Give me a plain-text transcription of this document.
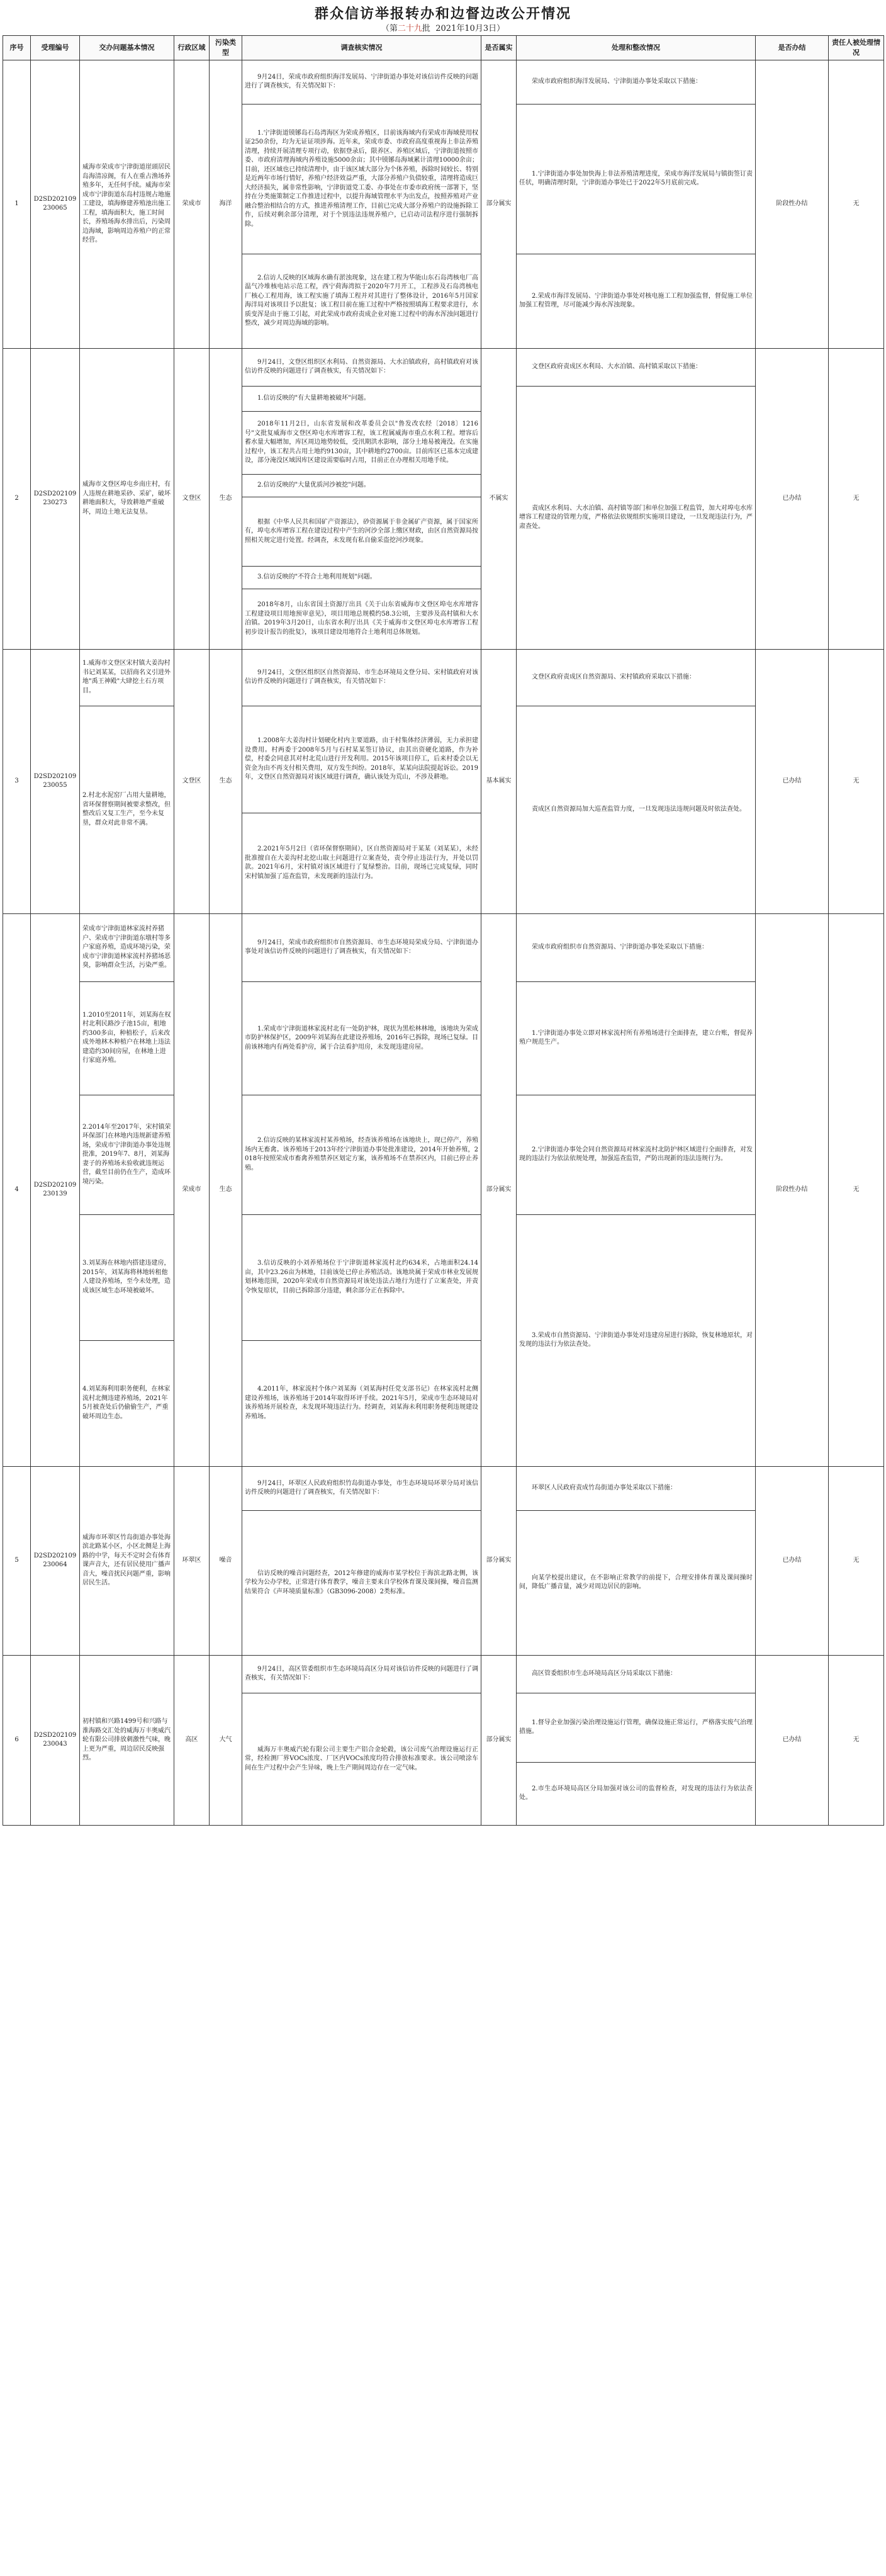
群众信访举报转办和边督边改公开情况
（第二十九批 2021年10月3日）
序号	受理编号	交办问题基本情况	行政区域	污染类型	调查核实情况	是否属实	处理和整改情况	是否办结	责任人被处理情况
1	D2SD202109230065	威海市荣成市宁津街道崖頭居民岛海清凉阁，有人在重占渔场养殖多年，无任何手续。威海市荣成市宁津街道东岛村违规占地施工建设，填海修建养殖池出施工工程，填海面积大，施工时间长，养殖场海水排出后，污染周边海域，影响周边养殖户的正常经营。	荣成市	海洋	9月24日，荣成市政府组织海洋发展局、宁津街道办事处对该信访件反映的问题进行了调查核实，有关情况如下：	部分属实	荣成市政府组织海洋发展局、宁津街道办事处采取以下措施：	阶段性办结	无

					1.宁津街道镆铘岛石岛湾海区为荣成养殖区，目前该海域内有荣成市海域使用权证250余份，均为无证证项涉海。近年来，荣成市委、市政府高度重视海上非法养殖清理，持续开展清理专项行动，依据登录后，限养区、养殖区域后，宁津街道按照市委、市政府清理海域内养殖设施5000余亩；其中镆铘岛海域累计清理10000余亩；目前，还区域也已持续清理中，由于该区域大部分为个体养殖，拆除时间较长、特别是近两年市场行情好，养殖户经济效益严重，大部分养殖户负债较重，清理将造成巨大经济损失，属非常性影响，宁津街道党工委、办事处在市委市政府统一部署下，坚持在分类施策制定工作推进过程中，以提升海域管理水平为出发点，按照养殖对产业融合整治相结合的方式，推进养殖清理工作，目前已完成大部分养殖户的设施拆除工作，后续对剩余部分清理，对于个别违法违规养殖户，已启动司法程序进行强制拆除。		1.宁津街道办事处加快海上非法养殖清理进度，荣成市海洋发展局与镇街签订责任状，明确清理时限，宁津街道办事处已于2022年5月底前完成。		

					2.信访人反映的区域海水确有淤浊现象，这在建工程为华能山东石岛湾核电厂高温气冷堆核电站示范工程，西宁荷海湾拟于2020年7月开工，工程涉及石岛湾核电厂核心工程用海，该工程实施了填海工程并对其进行了整体设计，2016年5月国家海洋局对该项目予以批复；该工程目前在施工过程中严格按照填海工程要求进行，水质变浑是由于施工引起，对此荣成市政府责成企业对施工过程中的海水浑浊问题进行整改，减少对周边海域的影响。		2.荣成市海洋发展局、宁津街道办事处对核电施工工程加强监督，督促施工单位加强工程管理，尽可能减少海水浑浊现象。		

2	D2SD202109230273	威海市文登区埠屯乡南庄村，有人违规在耕地采砂、采矿，破坏耕地面积大，导致耕地严重破坏，周边土地无法复垦。	文登区	生态	9月24日，文登区组织区水利局、自然资源局、大水泊镇政府，高村镇政府对该信访件反映的问题进行了调查核实，有关情况如下：	不属实	文登区政府责成区水利局、大水泊镇、高村镇采取以下措施：	已办结	无

					1.信访反映的"有大量耕地被破坏"问题。		责成区水利局、大水泊镇、高村镇等部门和单位加强工程监管，加大对埠屯水库增容工程建设的管理力度，严格依法依规组织实施项目建设，一旦发现违法行为，严肃查处。		

					2018年11月2日，山东省发展和改革委员会以"鲁发改农经〔2018〕1216号"文批复威海市文登区埠屯水库增容工程，该工程属威海市重点水利工程。增容后蓄水量大幅增加，库区周边地势较低，受汛期洪水影响，部分土地易被淹没。在实施过程中，该工程共占用土地约9130亩，其中耕地约2700亩。目前库区已基本完成建设，部分淹没区域因库区建设需要临时占用，目前正在办理相关用地手续。				

					2.信访反映的"大量优质河沙被挖"问题。				

					根据《中华人民共和国矿产资源法》，砂资源属于非金属矿产资源，属于国家所有，埠屯水库增容工程在建设过程中产生的河沙全部上缴区财政，由区自然资源局按照相关规定进行处置。经调查，未发现有私自偷采盗挖河沙现象。				

					3.信访反映的"不符合土地利用规划"问题。				

					2018年8月，山东省国土资源厅出具《关于山东省威海市文登区埠屯水库增容工程建设项目用地预审意见》，项目用地总规模约58.3公顷，主要涉及高村镇和大水泊镇。2019年3月20日，山东省水利厅出具《关于威海市文登区埠屯水库增容工程初步设计报告的批复》，该项目建设用地符合土地利用总体规划。				

3	D2SD202109230055	1.威海市文登区宋村镇大姜沟村书记刘某某，以招商名义引进外地"禹王神殿"大肆挖土石方项目。	文登区	生态	9月24日，文登区组织区自然资源局、市生态环境局文登分局、宋村镇政府对该信访件反映的问题进行了调查核实，有关情况如下：	基本属实	文登区政府责成区自然资源局、宋村镇政府采取以下措施：	已办结	无
		2.村北水泥窑厂占用大量耕地，省环保督察期间被要求整改，但整改后又复工生产，至今未复垦，群众对此非常不满。			1.2008年大姜沟村计划硬化村内主要道路，由于村集体经济薄弱，无力承担建设费用。村两委于2008年5月与石村某某签订协议，由其出资硬化道路，作为补偿，村委会同意其对村北荒山进行开发利用。2015年该项目停工，后来村委会以无资金为由不再支付相关费用，双方发生纠纷。2018年，某某向法院提起诉讼。2019年，文登区自然资源局对该区域进行调查，确认该处为荒山，不涉及耕地。		责成区自然资源局加大巡查监管力度，一旦发现违法违规问题及时依法查处。		

					2.2021年5月2日（省环保督察期间），区自然资源局对于某某（刘某某），未经批准擅自在大姜沟村北挖山取土问题进行立案查处，责令停止违法行为，并处以罚款。2021年6月，宋村镇对该区域进行了复绿整治。目前，现场已完成复绿，同时宋村镇加强了巡查监管，未发现新的违法行为。				

4	D2SD202109230139	荣成市宁津街道林家流村养猪户、荣成市宁津街道东墩村等多户家庭养殖，造成环境污染，荣成市宁津街道林家流村养猪场恶臭，影响群众生活，污染严重。	荣成市	生态	9月24日，荣成市政府组织市自然资源局、市生态环境局荣成分局、宁津街道办事处对该信访件反映的问题进行了调查核实，有关情况如下：	部分属实	荣成市政府组织市自然资源局、宁津街道办事处采取以下措施：	阶段性办结	无
		1.2010至2011年，刘某海在权村北利民路沙子池15亩，租地约300多亩，种植松子，后来改成外地林木种植户在林地上违法建造约30间房屋，在林地上进行家庭养殖。			1.荣成市宁津街道林家流村北有一处防护林，现状为黑松林林地，该地块为荣成市防护林保护区，2009年刘某海在此建设养殖场，2016年已拆除，现场已复绿。目前该林地内有两处看护房，属于合法看护用房，未发现违建房屋。		1.宁津街道办事处立即对林家流村所有养殖场进行全面排查，建立台账，督促养殖户规范生产。		

		2.2014年至2017年，宋村镇荣环保部门在林地内违规新建养殖场，荣成市宁津街道办事处违规批准，2019年7、8月，刘某海妻子的养殖场未验收就违规运营，截至目前仍在生产，造成环境污染。			2.信访反映的某林家流村某养殖场，经查该养殖场在该地块上，现已停产，养殖场内无畜禽。该养殖场于2013年经宁津街道办事处批准建设，2014年开始养殖，2018年按照荣成市畜禽养殖禁养区划定方案，该养殖场不在禁养区内，目前已停止养殖。		2.宁津街道办事处会同自然资源局对林家流村北防护林区域进行全面排查，对发现的违法行为依法依规处理，加强巡查监管，严防出现新的违法违规行为。		

		3.刘某海在林地内搭建违建房，2015年，刘某海将林地转租他人建设养殖场，至今未处理，造成该区域生态环境被破坏。			3.信访反映的小刘养殖场位于宁津街道林家流村北约634米，占地面积24.14亩，其中23.26亩为林地，目前该处已停止养殖活动。该地块属于荣成市林业发展规划林地范围，2020年荣成市自然资源局对该处违法占地行为进行了立案查处，并责令恢复原状，目前已拆除部分违建，剩余部分正在拆除中。		3.荣成市自然资源局、宁津街道办事处对违建房屋进行拆除，恢复林地原状，对发现的违法行为依法查处。		

		4.刘某海利用职务便利，在林家流村北侧违建养殖场，2021年5月被查处后仍偷偷生产，严重破坏周边生态。			4.2011年，林家流村个体户刘某海（刘某海村任党支部书记）在林家流村北侧建设养殖场，该养殖场于2014年取得环评手续。2021年5月，荣成市生态环境局对该养殖场开展检查，未发现环境违法行为。经调查，刘某海未利用职务便利违规建设养殖场。				

5	D2SD202109230064	威海市环翠区竹岛街道办事处海滨北路某小区，小区北侧是上海路的中学，每天不定时会有体育课声音大，还有居民使用广播声音大，噪音扰民问题严重，影响居民生活。	环翠区	噪音	9月24日，环翠区人民政府组织竹岛街道办事处，市生态环境局环翠分局对该信访件反映的问题进行了调查核实，有关情况如下：	部分属实	环翠区人民政府责成竹岛街道办事处采取以下措施：	已办结	无

					信访反映的噪音问题经查，2012年修建的威海市某学校位于海滨北路北侧，该学校为公办学校，正常进行体育教学，噪音主要来自学校体育课及课间操，噪音监测结果符合《声环境质量标准》（GB3096-2008）2类标准。		向某学校提出建议，在不影响正常教学的前提下，合理安排体育课及课间操时间，降低广播音量，减少对周边居民的影响。		

6	D2SD202109230043	初村镇和兴路1499号和兴路与淮海路交汇处的威海万丰奥威汽轮有限公司排放刺激性气味，晚上更为严重，周边居民反映强烈。	高区	大气	9月24日，高区管委组织市生态环境局高区分局对该信访件反映的问题进行了调查核实，有关情况如下：	部分属实	高区管委组织市生态环境局高区分局采取以下措施：	已办结	无

					威海万丰奥威汽轮有限公司主要生产铝合金轮毂，该公司废气治理设施运行正常，经检测厂界VOCs浓度、厂区内VOCs浓度均符合排放标准要求。该公司喷涂车间在生产过程中会产生异味，晚上生产期间周边存在一定气味。		1.督导企业加强污染治理设施运行管理，确保设施正常运行，严格落实废气治理措施。		

							2.市生态环境局高区分局加强对该公司的监督检查，对发现的违法行为依法查处。		
